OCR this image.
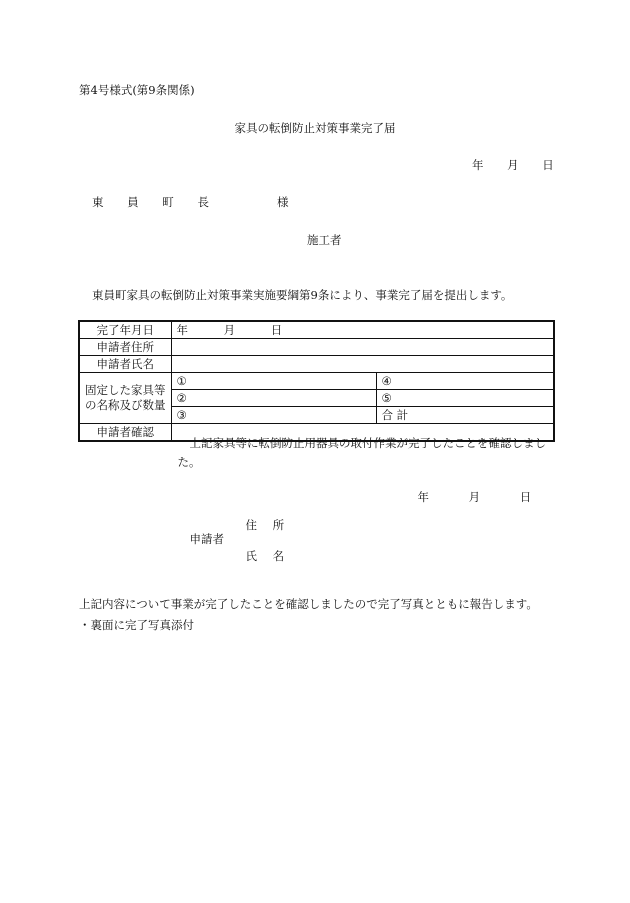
第4号様式(第9条関係)
家具の転倒防止対策事業完了届
年 月 日
東 員 町 長	様
施工者
東員町家具の転倒防止対策事業実施要綱第9条により、事業完了届を提出します。
完了年月日	年 月 日	
申請者住所		
申請者氏名		
固定した家具等
の名称及び数量	①	④
	②	⑤
	③	合 計
申請者確認	上記家具等に転倒防止用器具の取付作業が完了したことを確認しました。
年 月 日
申請者
住 所
氏 名	
上記内容について事業が完了したことを確認しましたので完了写真とともに報告します。
・裏面に完了写真添付
